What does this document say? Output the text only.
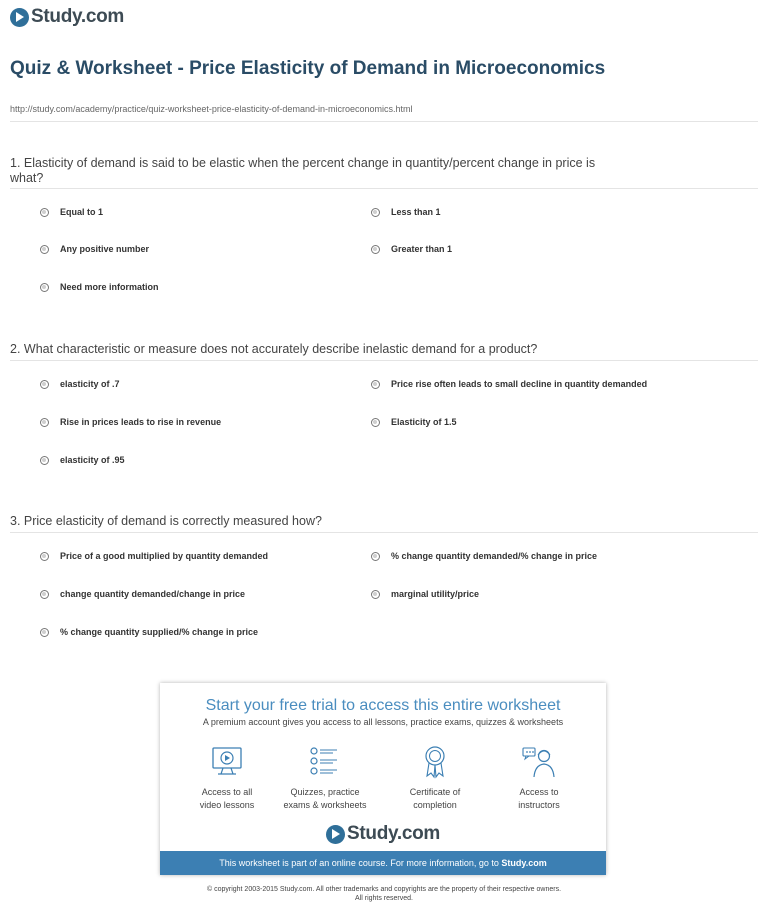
Study.com
Quiz & Worksheet - Price Elasticity of Demand in Microeconomics
http://study.com/academy/practice/quiz-worksheet-price-elasticity-of-demand-in-microeconomics.html
1. Elasticity of demand is said to be elastic when the percent change in quantity/percent change in price is what?
Equal to 1	Less than 1
Any positive number	Greater than 1
Need more information
2. What characteristic or measure does not accurately describe inelastic demand for a product?
elasticity of .7	Price rise often leads to small decline in quantity demanded
Rise in prices leads to rise in revenue	Elasticity of 1.5
elasticity of .95
3. Price elasticity of demand is correctly measured how?
Price of a good multiplied by quantity demanded	% change quantity demanded/% change in price
change quantity demanded/change in price	marginal utility/price
% change quantity supplied/% change in price
Start your free trial to access this entire worksheet
A premium account gives you access to all lessons, practice exams, quizzes & worksheets
Access to all
video lessons
Quizzes, practice
exams & worksheets
Certificate of
completion
Access to
instructors
Study.com
This worksheet is part of an online course. For more information, go to Study.com
© copyright 2003-2015 Study.com. All other trademarks and copyrights are the property of their respective owners.
All rights reserved.
